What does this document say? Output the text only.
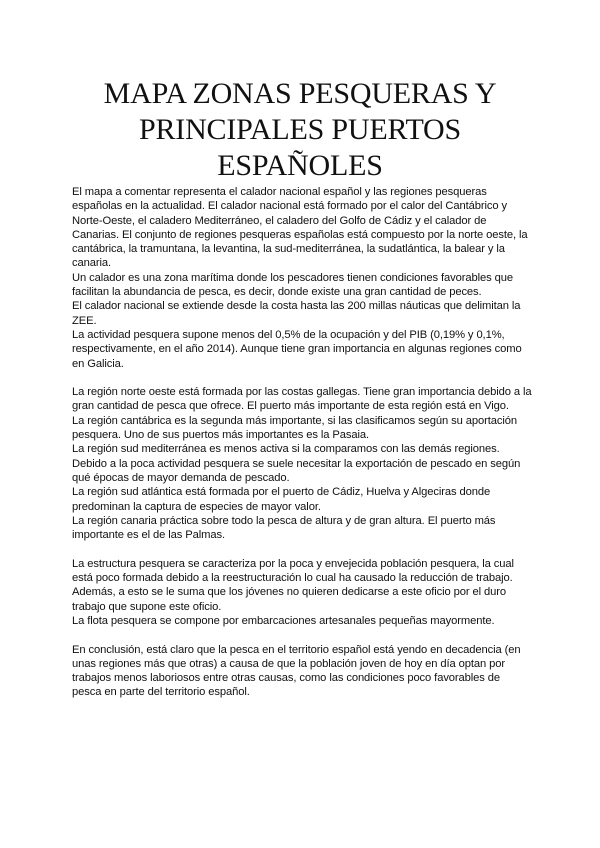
MAPA ZONAS PESQUERAS Y PRINCIPALES PUERTOS ESPAÑOLES

El mapa a comentar representa el calador nacional español y las regiones pesqueras españolas en la actualidad. El calador nacional está formado por el calor del Cantábrico y Norte-Oeste, el caladero Mediterráneo, el caladero del Golfo de Cádiz y el calador de Canarias. El conjunto de regiones pesqueras españolas está compuesto por la norte oeste, la cantábrica, la tramuntana, la levantina, la sud-mediterránea, la sudatlántica, la balear y la canaria.

Un calador es una zona marítima donde los pescadores tienen condiciones favorables que facilitan la abundancia de pesca, es decir, donde existe una gran cantidad de peces.

El calador nacional se extiende desde la costa hasta las 200 millas náuticas que delimitan la ZEE.

La actividad pesquera supone menos del 0,5% de la ocupación y del PIB (0,19% y 0,1%, respectivamente, en el año 2014). Aunque tiene gran importancia en algunas regiones como en Galicia.

La región norte oeste está formada por las costas gallegas. Tiene gran importancia debido a la gran cantidad de pesca que ofrece. El puerto más importante de esta región está en Vigo.

La región cantábrica es la segunda más importante, si las clasificamos según su aportación pesquera. Uno de sus puertos más importantes es la Pasaia.

La región sud mediterránea es menos activa si la comparamos con las demás regiones. Debido a la poca actividad pesquera se suele necesitar la exportación de pescado en según qué épocas de mayor demanda de pescado.

La región sud atlántica está formada por el puerto de Cádiz, Huelva y Algeciras donde predominan la captura de especies de mayor valor.

La región canaria práctica sobre todo la pesca de altura y de gran altura. El puerto más importante es el de las Palmas.

La estructura pesquera se caracteriza por la poca y envejecida población pesquera, la cual está poco formada debido a la reestructuración lo cual ha causado la reducción de trabajo. Además, a esto se le suma que los jóvenes no quieren dedicarse a este oficio por el duro trabajo que supone este oficio.

La flota pesquera se compone por embarcaciones artesanales pequeñas mayormente.

En conclusión, está claro que la pesca en el territorio español está yendo en decadencia (en unas regiones más que otras) a causa de que la población joven de hoy en día optan por trabajos menos laboriosos entre otras causas, como las condiciones poco favorables de pesca en parte del territorio español.
